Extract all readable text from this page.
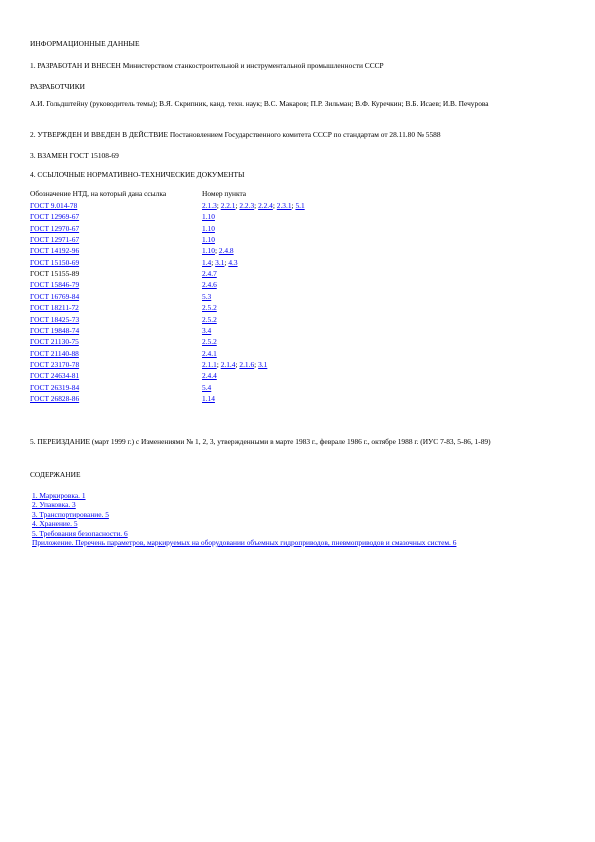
ИНФОРМАЦИОННЫЕ ДАННЫЕ
1. РАЗРАБОТАН И ВНЕСЕН Министерством станкостроительной и инструментальной промышленности СССР
РАЗРАБОТЧИКИ
А.И. Гольдштейну (руководитель темы); В.Я. Скрипник, канд. техн. наук; В.С. Макаров; П.Р. Зильман; В.Ф. Куречкин; В.Б. Исаев; И.В. Печурова
2. УТВЕРЖДЕН И ВВЕДЕН В ДЕЙСТВИЕ Постановлением Государственного комитета СССР по стандартам от 28.11.80 № 5588
3. ВЗАМЕН ГОСТ 15108-69
4. ССЫЛОЧНЫЕ НОРМАТИВНО-ТЕХНИЧЕСКИЕ ДОКУМЕНТЫ
Обозначение НТД, на который дана ссылка	Номер пункта
ГОСТ 9.014-78	2.1.3; 2.2.1; 2.2.3; 2.2.4; 2.3.1; 5.1
ГОСТ 12969-67	1.10
ГОСТ 12970-67	1.10
ГОСТ 12971-67	1.10
ГОСТ 14192-96	1.10; 2.4.8
ГОСТ 15150-69	1.4; 3.1; 4.3
ГОСТ 15155-89	2.4.7
ГОСТ 15846-79	2.4.6
ГОСТ 16769-84	5.3
ГОСТ 18211-72	2.5.2
ГОСТ 18425-73	2.5.2
ГОСТ 19848-74	3.4
ГОСТ 21130-75	2.5.2
ГОСТ 21140-88	2.4.1
ГОСТ 23170-78	2.1.1; 2.1.4; 2.1.6; 3.1
ГОСТ 24634-81	2.4.4
ГОСТ 26319-84	5.4
ГОСТ 26828-86	1.14
5. ПЕРЕИЗДАНИЕ (март 1999 г.) с Изменениями № 1, 2, 3, утвержденными в марте 1983 г., феврале 1986 г., октябре 1988 г. (ИУС 7-83, 5-86, 1-89)
СОДЕРЖАНИЕ
1. Маркировка. 1
2. Упаковка. 3
3. Транспортирование. 5
4. Хранение. 5
5. Требования безопасности. 6
Приложение. Перечень параметров, маркируемых на оборудовании объемных гидроприводов, пневмоприводов и смазочных систем. 6
